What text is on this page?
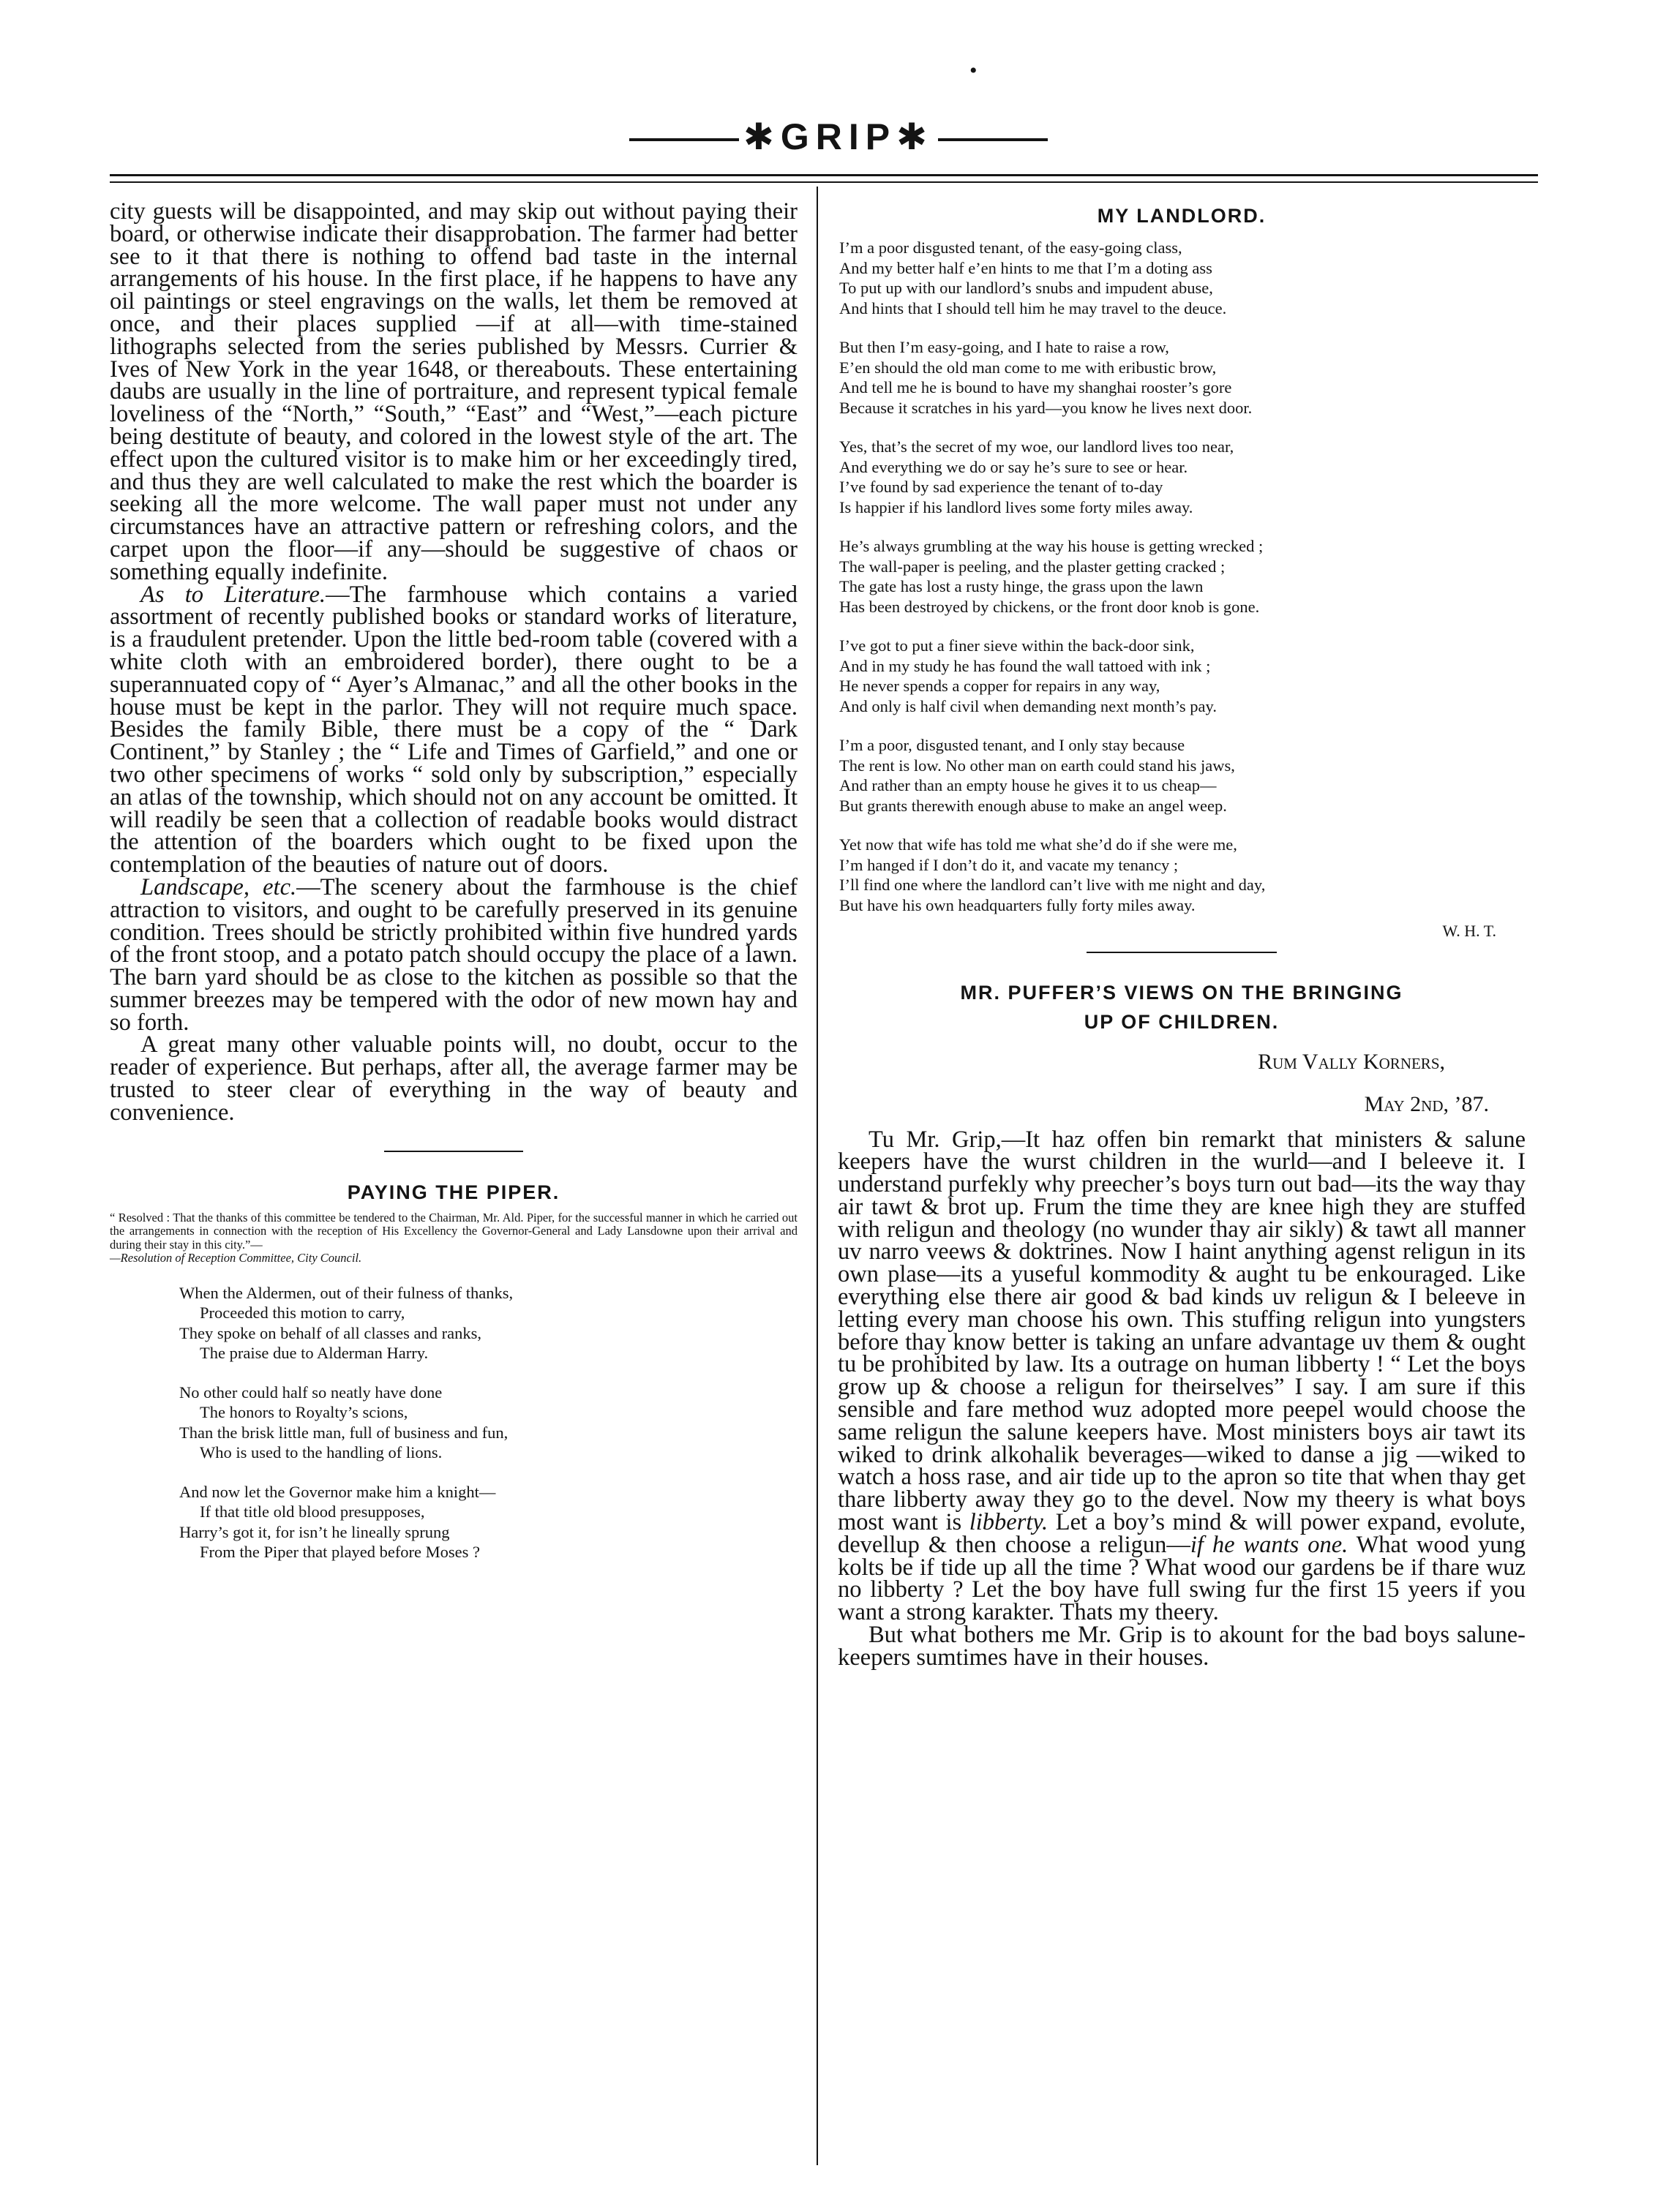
•
✱GRIP✱
city guests will be disappointed, and may skip out without paying their board, or otherwise indicate their disapprobation. The farmer had better see to it that there is nothing to offend bad taste in the internal arrangements of his house. In the first place, if he happens to have any oil paintings or steel engravings on the walls, let them be removed at once, and their places supplied —if at all—with time-stained lithographs selected from the series published by Messrs. Currier & Ives of New York in the year 1648, or thereabouts. These entertaining daubs are usually in the line of portraiture, and represent typical female loveliness of the “North,” “South,” “East” and “West,”—each picture being destitute of beauty, and colored in the lowest style of the art. The effect upon the cultured visitor is to make him or her exceedingly tired, and thus they are well calculated to make the rest which the boarder is seeking all the more welcome. The wall paper must not under any circumstances have an attractive pattern or refreshing colors, and the carpet upon the floor—if any—should be suggestive of chaos or something equally indefinite.
As to Literature.—The farmhouse which contains a varied assortment of recently published books or standard works of literature, is a fraudulent pretender. Upon the little bed-room table (covered with a white cloth with an embroidered border), there ought to be a superannuated copy of “ Ayer’s Almanac,” and all the other books in the house must be kept in the parlor. They will not require much space. Besides the family Bible, there must be a copy of the “ Dark Continent,” by Stanley ; the “ Life and Times of Garfield,” and one or two other specimens of works “ sold only by subscription,” especially an atlas of the township, which should not on any account be omitted. It will readily be seen that a collection of readable books would distract the attention of the boarders which ought to be fixed upon the contemplation of the beauties of nature out of doors.
Landscape, etc.—The scenery about the farmhouse is the chief attraction to visitors, and ought to be carefully preserved in its genuine condition. Trees should be strictly prohibited within five hundred yards of the front stoop, and a potato patch should occupy the place of a lawn. The barn yard should be as close to the kitchen as possible so that the summer breezes may be tempered with the odor of new mown hay and so forth.
A great many other valuable points will, no doubt, occur to the reader of experience. But perhaps, after all, the average farmer may be trusted to steer clear of everything in the way of beauty and convenience.
PAYING THE PIPER.
“ Resolved : That the thanks of this committee be tendered to the Chairman, Mr. Ald. Piper, for the successful manner in which he carried out the arrangements in connection with the reception of His Excellency the Governor-General and Lady Lansdowne upon their arrival and during their stay in this city.”—
—Resolution of Reception Committee, City Council.
When the Aldermen, out of their fulness of thanks,
Proceeded this motion to carry,
They spoke on behalf of all classes and ranks,
The praise due to Alderman Harry.
No other could half so neatly have done
The honors to Royalty’s scions,
Than the brisk little man, full of business and fun,
Who is used to the handling of lions.
And now let the Governor make him a knight—
If that title old blood presupposes,
Harry’s got it, for isn’t he lineally sprung
From the Piper that played before Moses ?
MY LANDLORD.
I’m a poor disgusted tenant, of the easy-going class,
And my better half e’en hints to me that I’m a doting ass
To put up with our landlord’s snubs and impudent abuse,
And hints that I should tell him he may travel to the deuce.
But then I’m easy-going, and I hate to raise a row,
E’en should the old man come to me with eribustic brow,
And tell me he is bound to have my shanghai rooster’s gore
Because it scratches in his yard—you know he lives next door.
Yes, that’s the secret of my woe, our landlord lives too near,
And everything we do or say he’s sure to see or hear.
I’ve found by sad experience the tenant of to-day
Is happier if his landlord lives some forty miles away.
He’s always grumbling at the way his house is getting wrecked ;
The wall-paper is peeling, and the plaster getting cracked ;
The gate has lost a rusty hinge, the grass upon the lawn
Has been destroyed by chickens, or the front door knob is gone.
I’ve got to put a finer sieve within the back-door sink,
And in my study he has found the wall tattoed with ink ;
He never spends a copper for repairs in any way,
And only is half civil when demanding next month’s pay.
I’m a poor, disgusted tenant, and I only stay because
The rent is low. No other man on earth could stand his jaws,
And rather than an empty house he gives it to us cheap—
But grants therewith enough abuse to make an angel weep.
Yet now that wife has told me what she’d do if she were me,
I’m hanged if I don’t do it, and vacate my tenancy ;
I’ll find one where the landlord can’t live with me night and day,
But have his own headquarters fully forty miles away.
W. H. T.
MR. PUFFER’S VIEWS ON THE BRINGING
UP OF CHILDREN.
Rum Vally Korners,
May 2nd, ’87.
Tu Mr. Grip,—It haz offen bin remarkt that ministers & salune keepers have the wurst children in the wurld—and I beleeve it. I understand purfekly why preecher’s boys turn out bad—its the way thay air tawt & brot up. Frum the time they are knee high they are stuffed with religun and theology (no wunder thay air sikly) & tawt all manner uv narro veews & doktrines. Now I haint anything agenst religun in its own plase—its a yuseful kommodity & aught tu be enkouraged. Like everything else there air good & bad kinds uv religun & I beleeve in letting every man choose his own. This stuffing religun into yungsters before thay know better is taking an unfare advantage uv them & ought tu be prohibited by law. Its a outrage on human libberty ! “ Let the boys grow up & choose a religun for theirselves” I say. I am sure if this sensible and fare method wuz adopted more peepel would choose the same religun the salune keepers have. Most ministers boys air tawt its wiked to drink alkohalik beverages—wiked to danse a jig —wiked to watch a hoss rase, and air tide up to the apron so tite that when thay get thare libberty away they go to the devel. Now my theery is what boys most want is libberty. Let a boy’s mind & will power expand, evolute, devellup & then choose a religun—if he wants one. What wood yung kolts be if tide up all the time ? What wood our gardens be if thare wuz no libberty ? Let the boy have full swing fur the first 15 yeers if you want a strong karakter. Thats my theery.
But what bothers me Mr. Grip is to akount for the bad boys salune-keepers sumtimes have in their houses.
